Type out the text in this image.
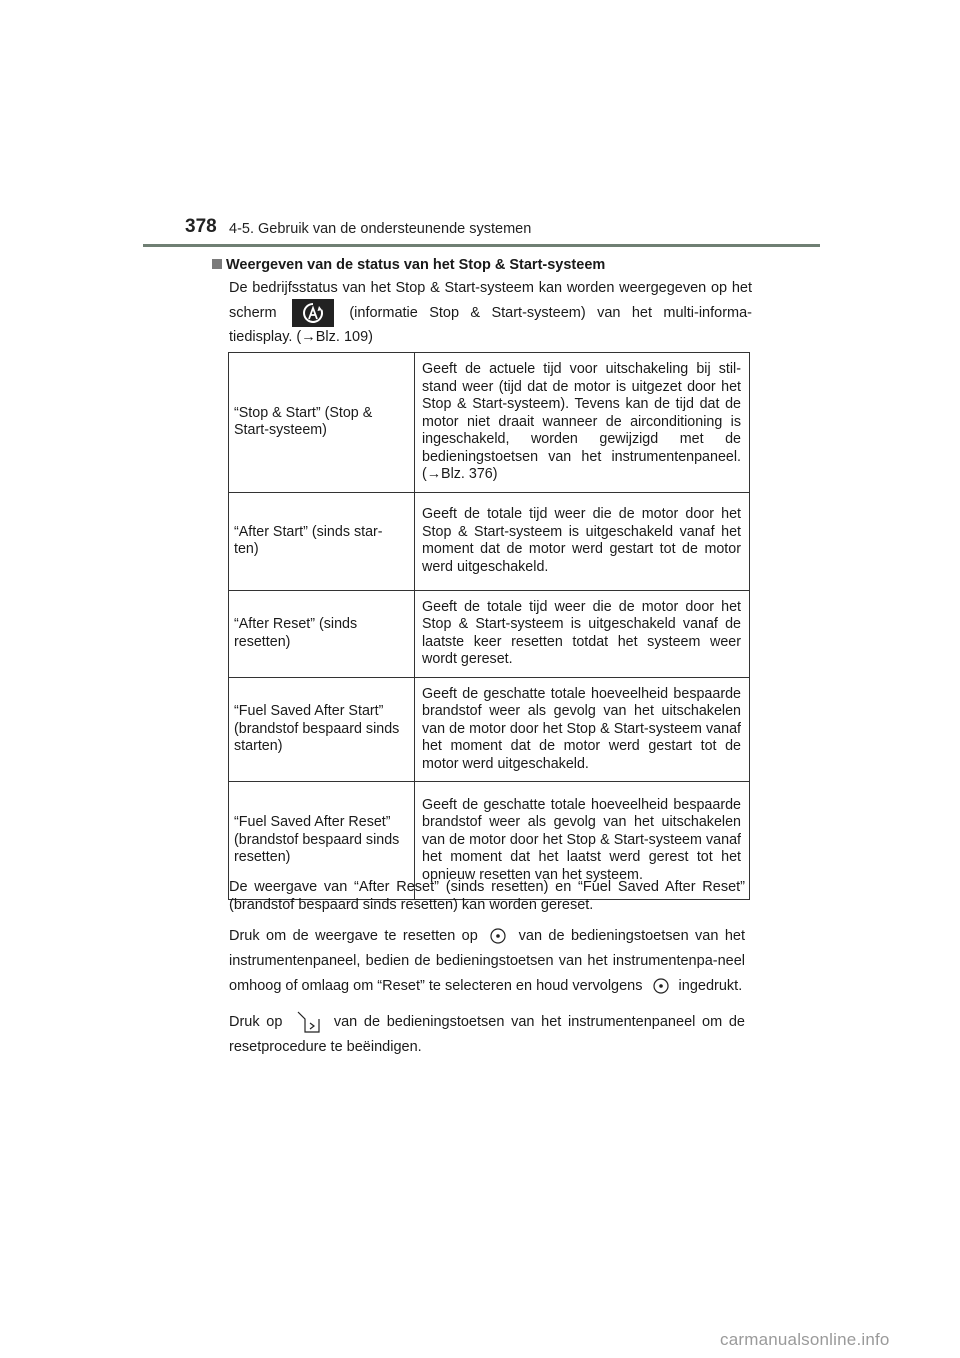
378 4-5. Gebruik van de ondersteunende systemen

Weergeven van de status van het Stop & Start-systeem

De bedrijfsstatus van het Stop & Start-systeem kan worden weergegeven op het scherm	(informatie Stop & Start-systeem) van het multi-informa-tiedisplay. (→Blz. 109)

“Stop & Start” (Stop & Start-systeem)	Geeft de actuele tijd voor uitschakeling bij stil-stand weer (tijd dat de motor is uitgezet door het Stop & Start-systeem). Tevens kan de tijd dat de motor niet draait wanneer de airconditioning is ingeschakeld, worden gewijzigd met de bedieningstoetsen van het instrumentenpaneel. (→Blz. 376)
“After Start” (sinds star-ten)	Geeft de totale tijd weer die de motor door het Stop & Start-systeem is uitgeschakeld vanaf het moment dat de motor werd gestart tot de motor werd uitgeschakeld.
“After Reset” (sinds resetten)	Geeft de totale tijd weer die de motor door het Stop & Start-systeem is uitgeschakeld vanaf de laatste keer resetten totdat het systeem weer wordt gereset.
“Fuel Saved After Start” (brandstof bespaard sinds starten)	Geeft de geschatte totale hoeveelheid bespaarde brandstof weer als gevolg van het uitschakelen van de motor door het Stop & Start-systeem vanaf het moment dat de motor werd gestart tot de motor werd uitgeschakeld.
“Fuel Saved After Reset” (brandstof bespaard sinds resetten)	Geeft de geschatte totale hoeveelheid bespaarde brandstof weer als gevolg van het uitschakelen van de motor door het Stop & Start-systeem vanaf het moment dat het laatst werd gerest tot het opnieuw resetten van het systeem.

De weergave van “After Reset” (sinds resetten) en “Fuel Saved After Reset” (brandstof bespaard sinds resetten) kan worden gereset.

Druk om de weergave te resetten op	van de bedieningstoetsen van het instrumentenpaneel, bedien de bedieningstoetsen van het instrumentenpa-neel omhoog of omlaag om “Reset” te selecteren en houd vervolgens ingedrukt.

Druk op	van de bedieningstoetsen van het instrumentenpaneel om de resetprocedure te beëindigen.

carmanualsonline.info
